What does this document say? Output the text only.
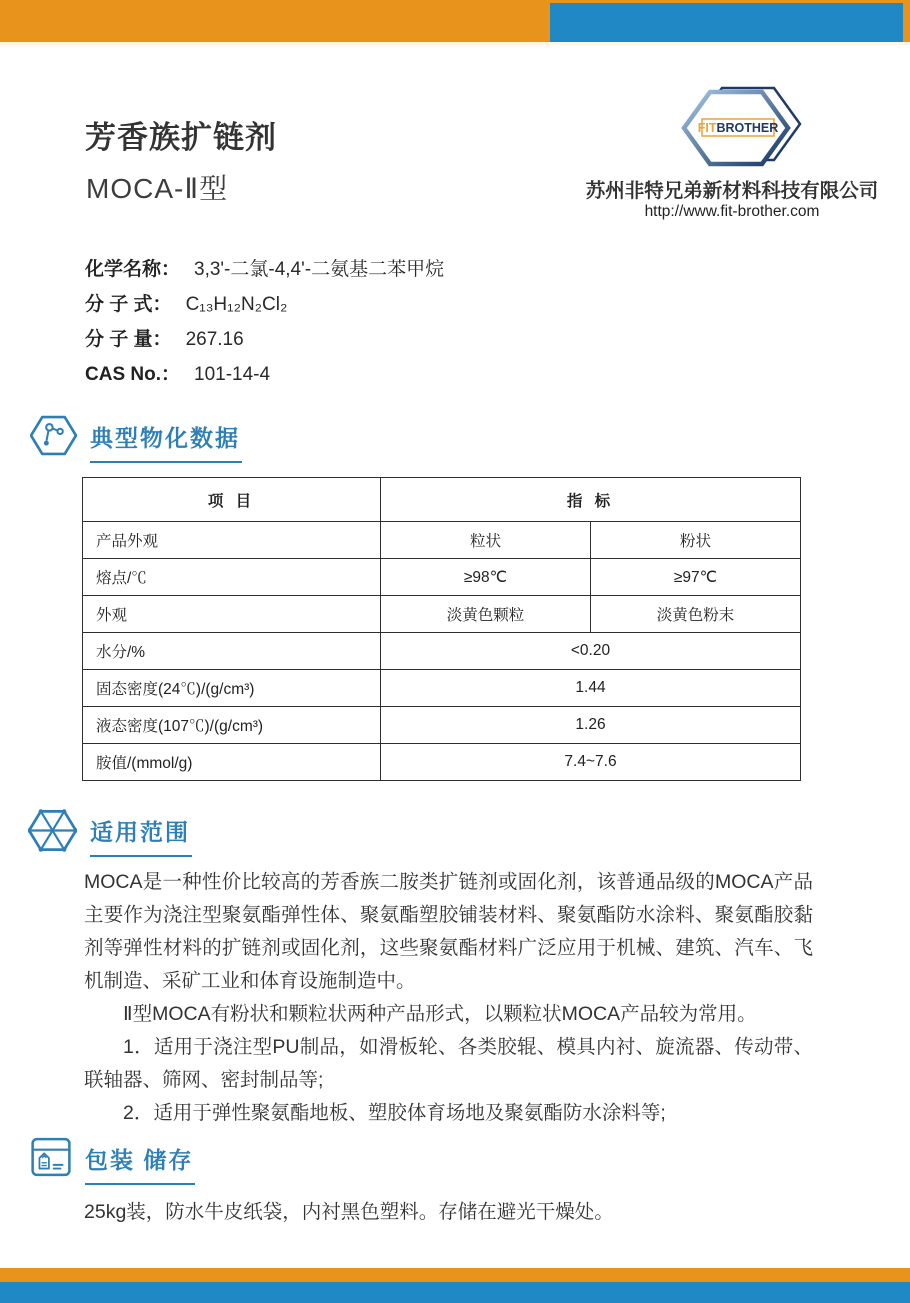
芳香族扩链剂
MOCA-Ⅱ型
FITBROTHER
苏州非特兄弟新材料科技有限公司
http://www.fit-brother.com
化学名称： 3,3'-二氯-4,4'-二氨基二苯甲烷
分 子 式： C₁₃H₁₂N₂Cl₂
分 子 量： 267.16
CAS No.： 101-14-4
典型物化数据
项 目	指 标	
产品外观	粒状	粉状
熔点/℃	≥98℃	≥97℃
外观	淡黄色颗粒	淡黄色粉末
水分/%	<0.20	
固态密度(24℃)/(g/cm³)	1.44	
液态密度(107℃)/(g/cm³)	1.26	
胺值/(mmol/g)	7.4~7.6	
适用范围

MOCA是一种性价比较高的芳香族二胺类扩链剂或固化剂，该普通品级的MOCA产品主要作为浇注型聚氨酯弹性体、聚氨酯塑胶铺装材料、聚氨酯防水涂料、聚氨酯胶黏剂等弹性材料的扩链剂或固化剂，这些聚氨酯材料广泛应用于机械、建筑、汽车、飞机制造、采矿工业和体育设施制造中。

Ⅱ型MOCA有粉状和颗粒状两种产品形式，以颗粒状MOCA产品较为常用。

1．适用于浇注型PU制品，如滑板轮、各类胶辊、模具内衬、旋流器、传动带、联轴器、筛网、密封制品等;

2．适用于弹性聚氨酯地板、塑胶体育场地及聚氨酯防水涂料等;

包装 储存
25kg装，防水牛皮纸袋，内衬黑色塑料。存储在避光干燥处。
